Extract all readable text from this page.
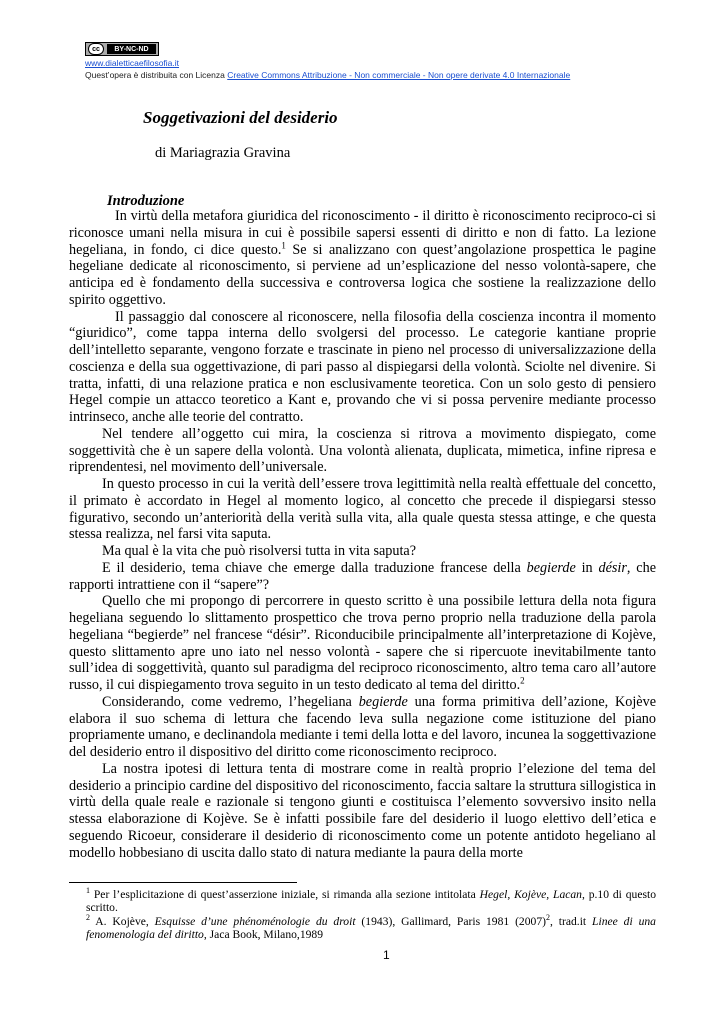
cc	BY-NC-ND
www.dialetticaefilosofia.it
Quest’opera è distribuita con Licenza Creative Commons Attribuzione - Non commerciale - Non opere derivate 4.0 Internazionale
Soggetivazioni del desiderio
di Mariagrazia Gravina
Introduzione

In virtù della metafora giuridica del riconoscimento - il diritto è riconoscimento reciproco-ci si riconosce umani nella misura in cui è possibile sapersi essenti di diritto e non di fatto. La lezione hegeliana, in fondo, ci dice questo.$^1$ Se si analizzano con quest’angolazione prospettica le pagine hegeliane dedicate al riconoscimento, si perviene ad un’esplicazione del nesso volontà-sapere, che anticipa ed è fondamento della successiva e controversa logica che sostiene la realizzazione dello spirito oggettivo.

Il passaggio dal conoscere al riconoscere, nella filosofia della coscienza incontra il momento “giuridico”, come tappa interna dello svolgersi del processo. Le categorie kantiane proprie dell’intelletto separante, vengono forzate e trascinate in pieno nel processo di universalizzazione della coscienza e della sua oggettivazione, di pari passo al dispiegarsi della volontà. Sciolte nel divenire. Si tratta, infatti, di una relazione pratica e non esclusivamente teoretica. Con un solo gesto di pensiero Hegel compie un attacco teoretico a Kant e, provando che vi si possa pervenire mediante processo intrinseco, anche alle teorie del contratto.

Nel tendere all’oggetto cui mira, la coscienza si ritrova a movimento dispiegato, come soggettività che è un sapere della volontà. Una volontà alienata, duplicata, mimetica, infine ripresa e riprendentesi, nel movimento dell’universale.

In questo processo in cui la verità dell’essere trova legittimità nella realtà effettuale del concetto, il primato è accordato in Hegel al momento logico, al concetto che precede il dispiegarsi stesso figurativo, secondo un’anteriorità della verità sulla vita, alla quale questa stessa attinge, e che questa stessa realizza, nel farsi vita saputa.

Ma qual è la vita che può risolversi tutta in vita saputa?

E il desiderio, tema chiave che emerge dalla traduzione francese della begierde in désir, che rapporti intrattiene con il “sapere”?

Quello che mi propongo di percorrere in questo scritto è una possibile lettura della nota figura hegeliana seguendo lo slittamento prospettico che trova perno proprio nella traduzione della parola hegeliana “begierde” nel francese “désir”. Riconducibile principalmente all’interpretazione di Kojève, questo slittamento apre uno iato nel nesso volontà - sapere che si ripercuote inevitabilmente tanto sull’idea di soggettività, quanto sul paradigma del reciproco riconoscimento, altro tema caro all’autore russo, il cui dispiegamento trova seguito in un testo dedicato al tema del diritto.$^2$

Considerando, come vedremo, l’hegeliana begierde una forma primitiva dell’azione, Kojève elabora il suo schema di lettura che facendo leva sulla negazione come istituzione del piano propriamente umano, e declinandola mediante i temi della lotta e del lavoro, incunea la soggettivazione del desiderio entro il dispositivo del diritto come riconoscimento reciproco.

La nostra ipotesi di lettura tenta di mostrare come in realtà proprio l’elezione del tema del desiderio a principio cardine del dispositivo del riconoscimento, faccia saltare la struttura sillogistica in virtù della quale reale e razionale si tengono giunti e costituisca l’elemento sovversivo insito nella stessa elaborazione di Kojève. Se è infatti possibile fare del desiderio il luogo elettivo dell’etica e seguendo Ricoeur, considerare il desiderio di riconoscimento come un potente antidoto hegeliano al modello hobbesiano di uscita dallo stato di natura mediante la paura della morte

$^1$ Per l’esplicitazione di quest’asserzione iniziale, si rimanda alla sezione intitolata Hegel, Kojève, Lacan, p.10 di questo scritto.

$^2$ A. Kojève, Esquisse d’une phénoménologie du droit (1943), Gallimard, Paris 1981 $(2007)^2$, trad.it Linee di una fenomenologia del diritto, Jaca Book, Milano,1989

1
